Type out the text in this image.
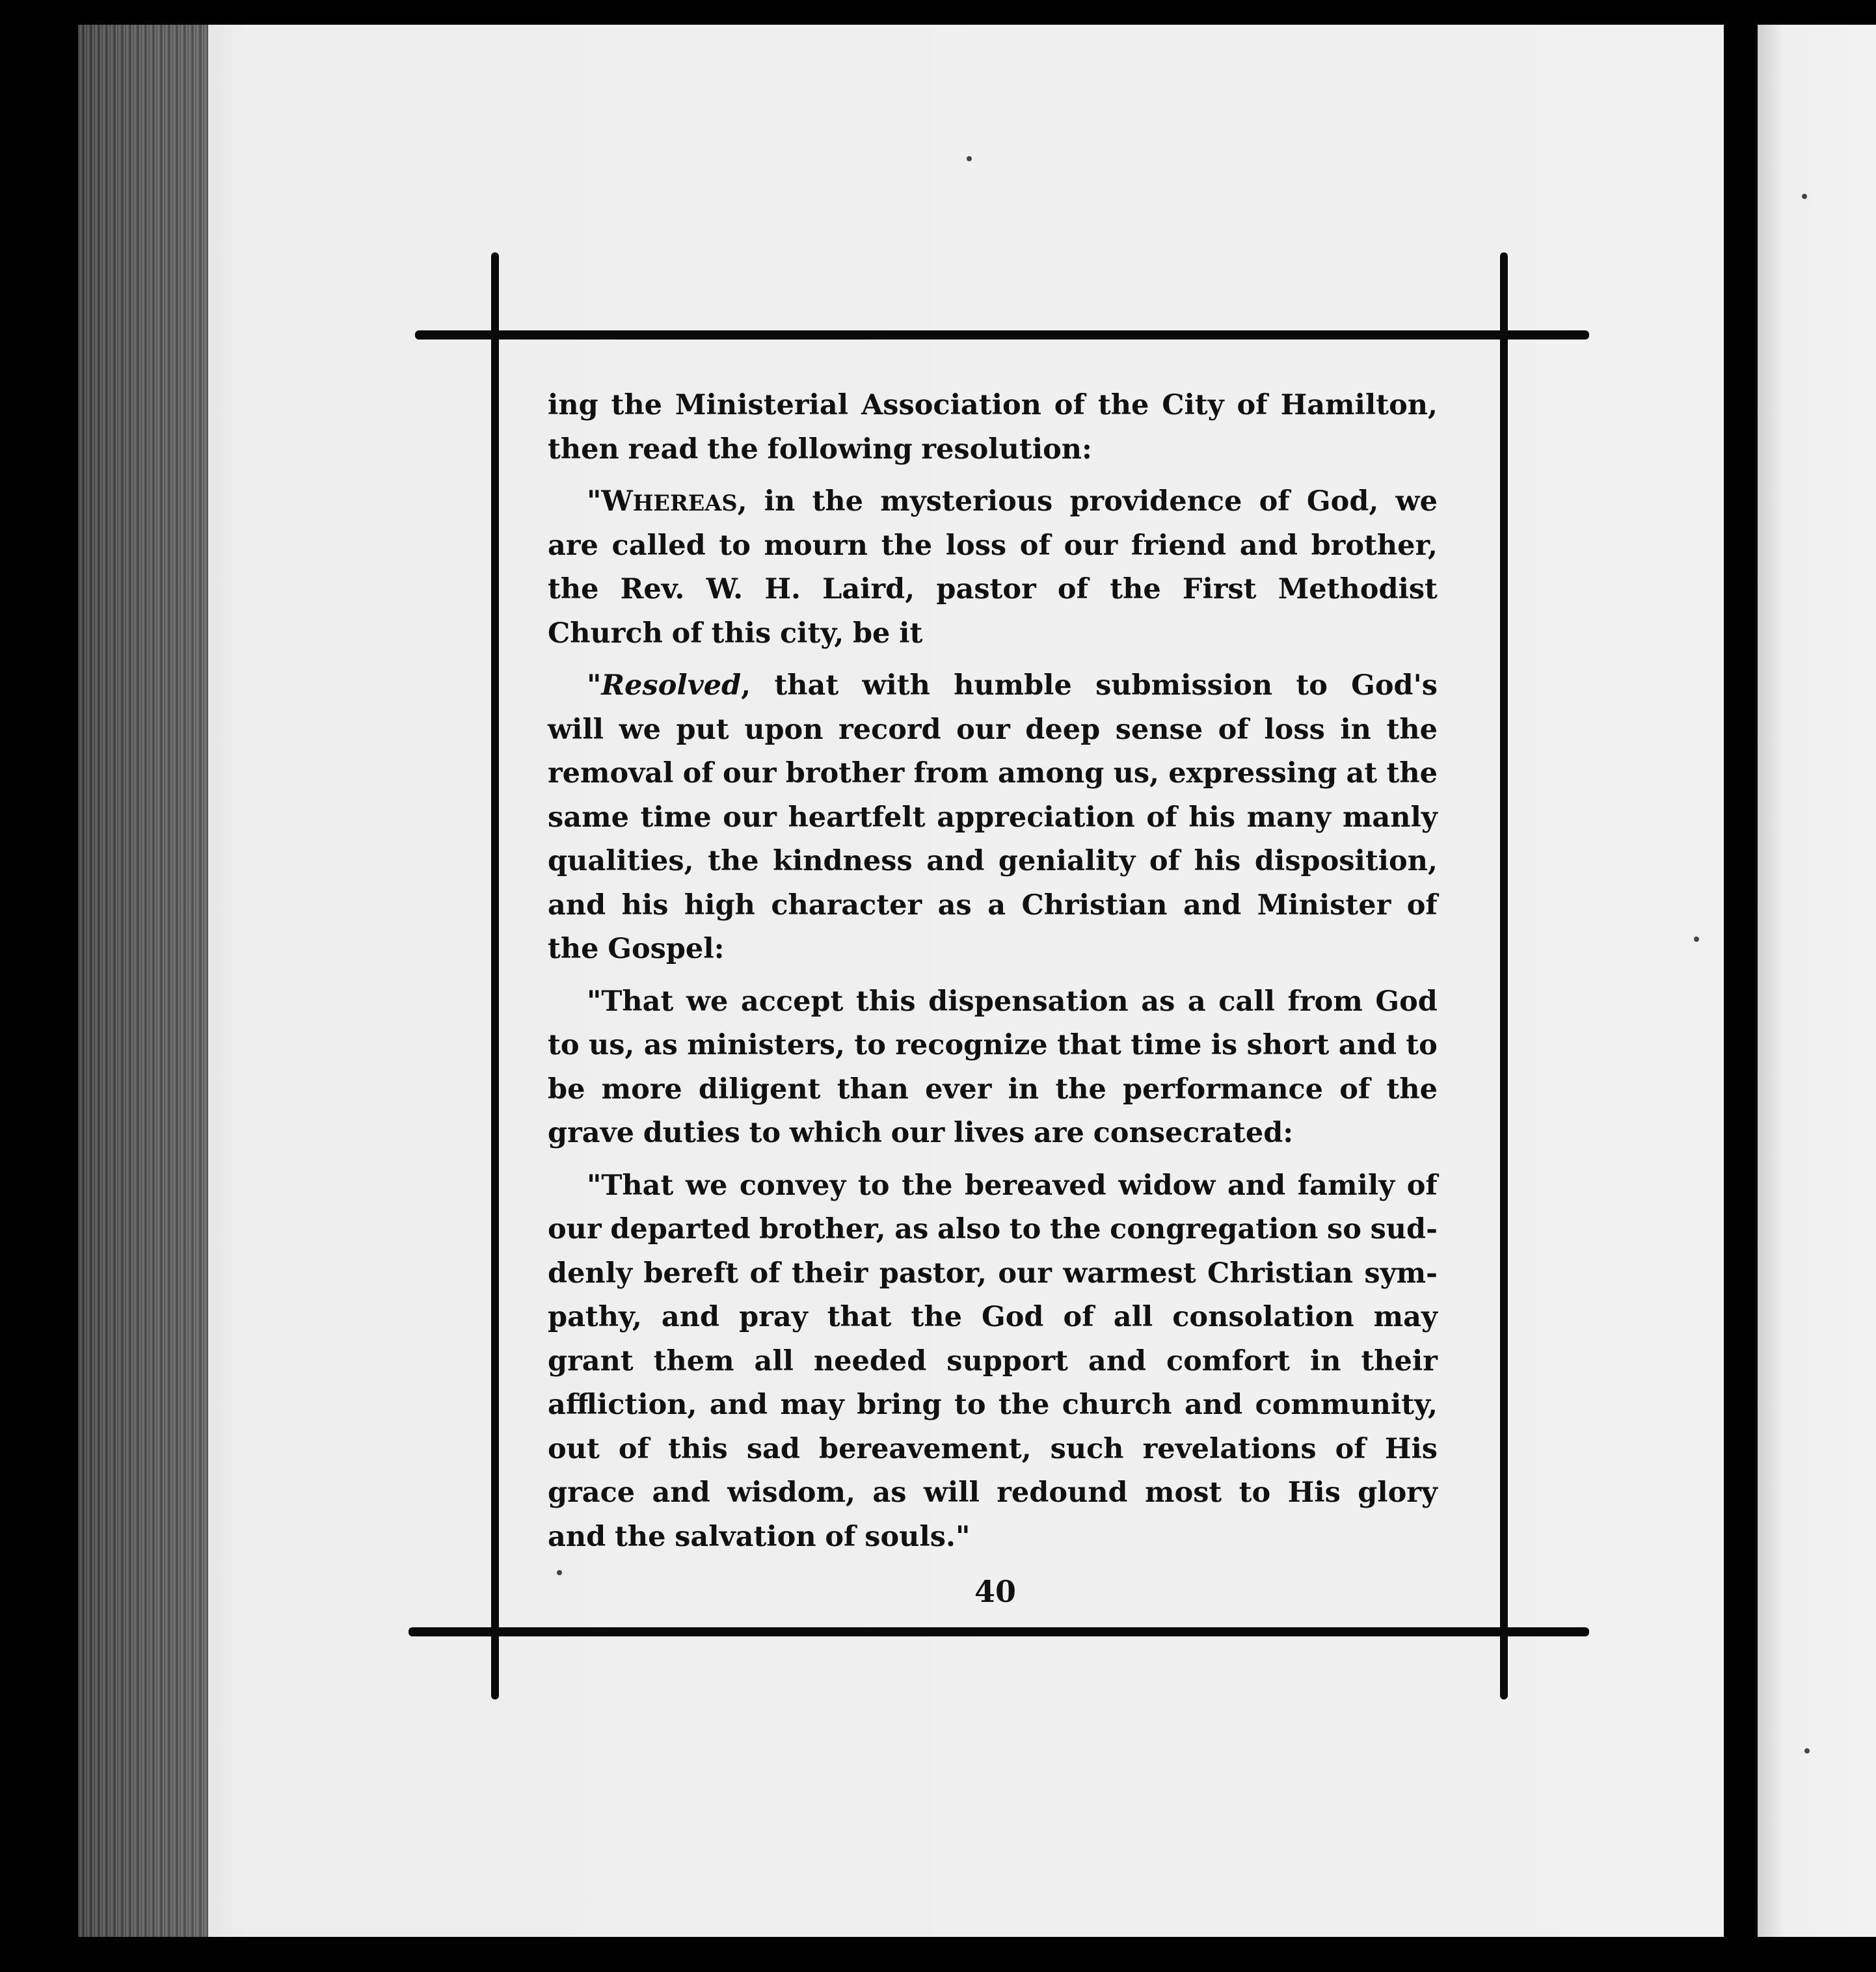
ing the Ministerial Association of the City of Hamilton,
then read the following resolution:
"WHEREAS, in the mysterious providence of God, we
are called to mourn the loss of our friend and brother,
the Rev. W. H. Laird, pastor of the First Methodist
Church of this city, be it
"Resolved, that with humble submission to God's
will we put upon record our deep sense of loss in the
removal of our brother from among us, expressing at the
same time our heartfelt appreciation of his many manly
qualities, the kindness and geniality of his disposition,
and his high character as a Christian and Minister of
the Gospel:
"That we accept this dispensation as a call from God
to us, as ministers, to recognize that time is short and to
be more diligent than ever in the performance of the
grave duties to which our lives are consecrated:
"That we convey to the bereaved widow and family of
our departed brother, as also to the congregation so sud-
denly bereft of their pastor, our warmest Christian sym-
pathy, and pray that the God of all consolation may
grant them all needed support and comfort in their
affliction, and may bring to the church and community,
out of this sad bereavement, such revelations of His
grace and wisdom, as will redound most to His glory
and the salvation of souls."
40
